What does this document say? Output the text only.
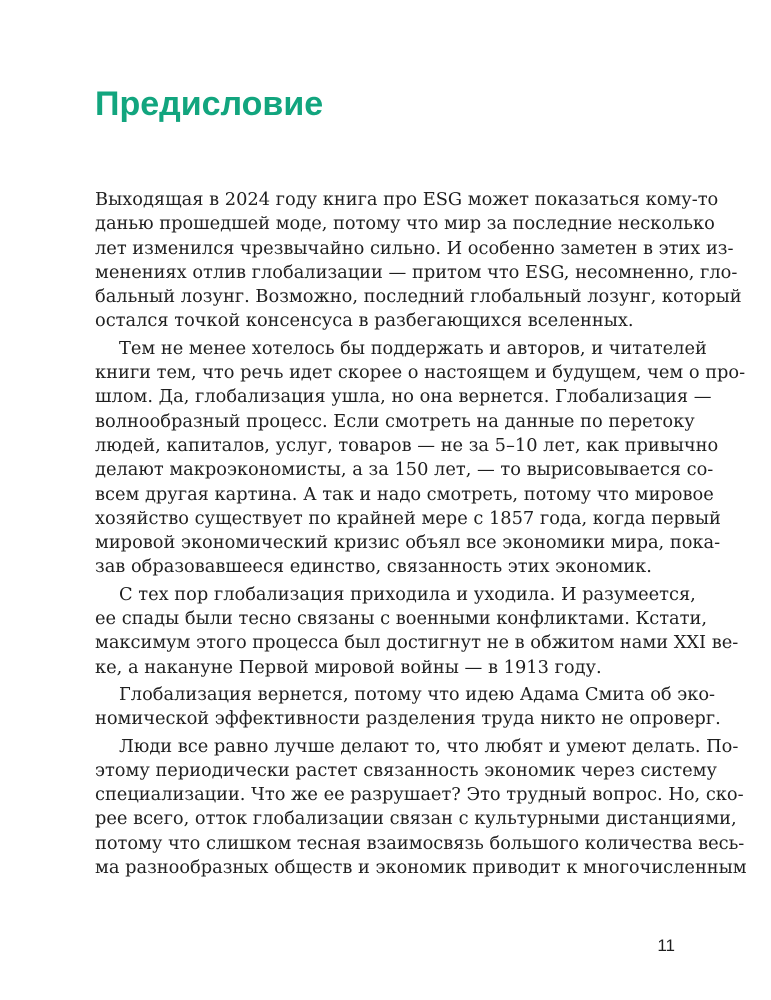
Предисловие
Выходящая в 2024 году книга про ESG может показаться кому-то
данью прошедшей моде, потому что мир за последние несколько
лет изменился чрезвычайно сильно. И особенно заметен в этих из-
менениях отлив глобализации — притом что ESG, несомненно, гло-
бальный лозунг. Возможно, последний глобальный лозунг, который
остался точкой консенсуса в разбегающихся вселенных.
Тем не менее хотелось бы поддержать и авторов, и читателей
книги тем, что речь идет скорее о настоящем и будущем, чем о про-
шлом. Да, глобализация ушла, но она вернется. Глобализация —
волнообразный процесс. Если смотреть на данные по перетоку
людей, капиталов, услуг, товаров — не за 5–10 лет, как привычно
делают макроэкономисты, а за 150 лет, — то вырисовывается со-
всем другая картина. А так и надо смотреть, потому что мировое
хозяйство существует по крайней мере с 1857 года, когда первый
мировой экономический кризис объял все экономики мира, пока-
зав образовавшееся единство, связанность этих экономик.
С тех пор глобализация приходила и уходила. И разумеется,
ее спады были тесно связаны с военными конфликтами. Кстати,
максимум этого процесса был достигнут не в обжитом нами XXI ве-
ке, а накануне Первой мировой войны — в 1913 году.
Глобализация вернется, потому что идею Адама Смита об эко-
номической эффективности разделения труда никто не опроверг.
Люди все равно лучше делают то, что любят и умеют делать. По-
этому периодически растет связанность экономик через систему
специализации. Что же ее разрушает? Это трудный вопрос. Но, ско-
рее всего, отток глобализации связан с культурными дистанциями,
потому что слишком тесная взаимосвязь большого количества весь-
ма разнообразных обществ и экономик приводит к многочисленным
11
